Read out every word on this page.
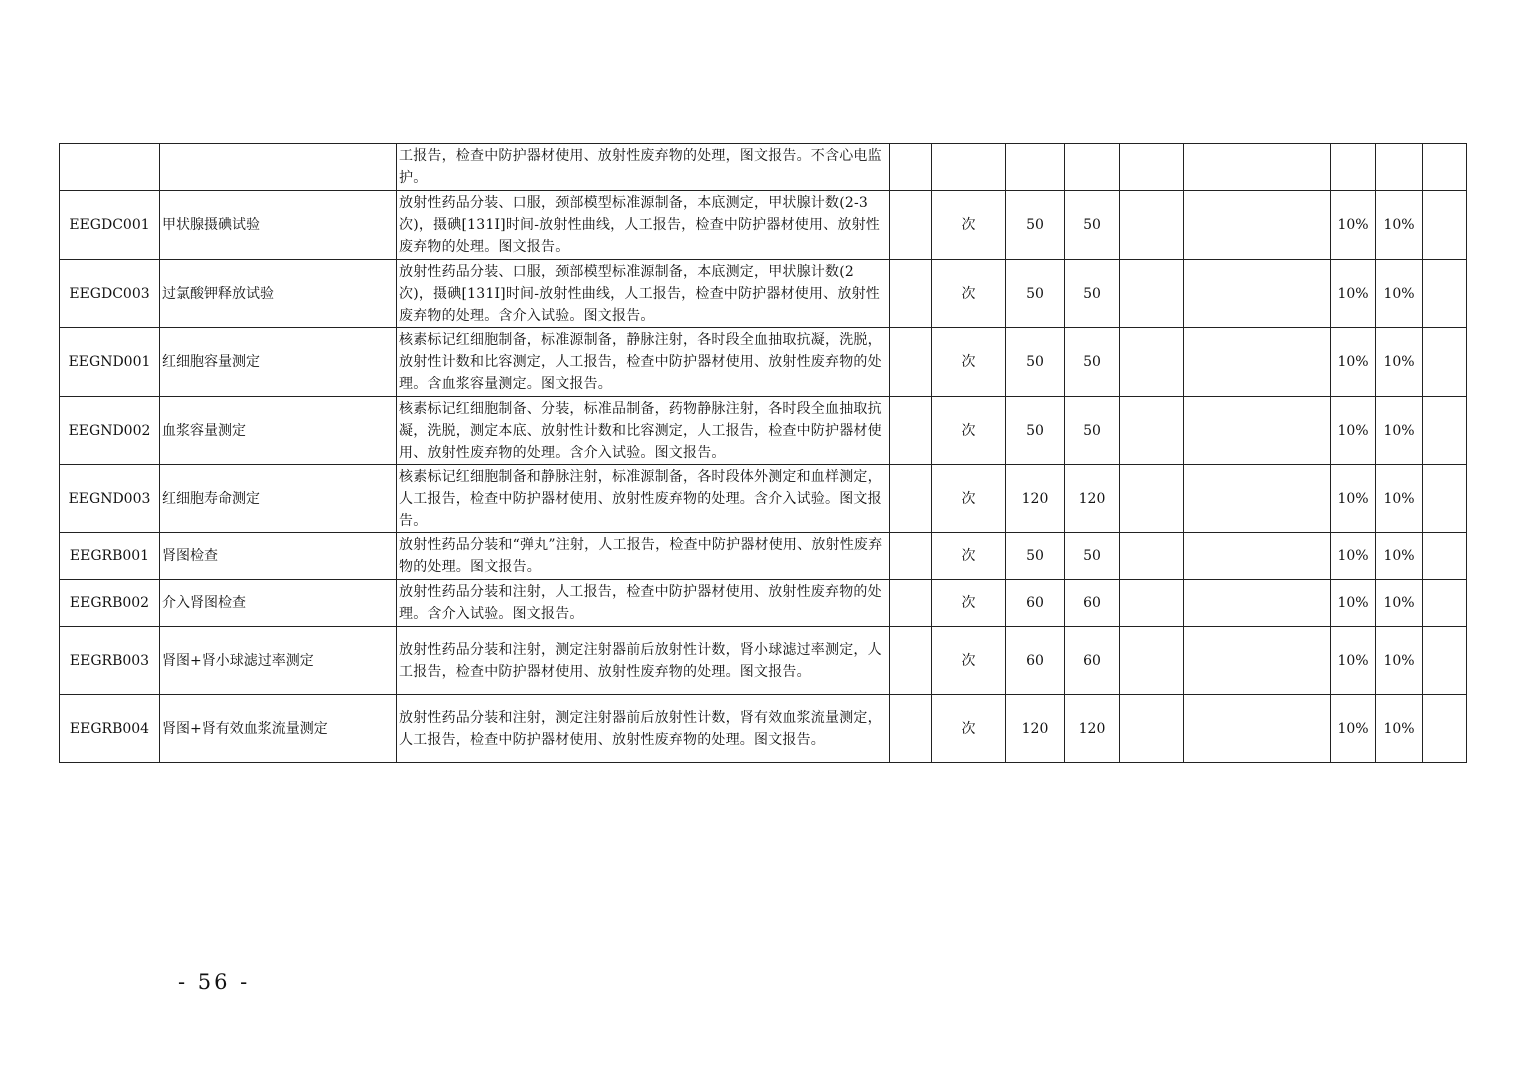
		工报告，检查中防护器材使用、放射性废弃物的处理，图文报告。不含心电监护。									
EEGDC001	甲状腺摄碘试验	放射性药品分装、口服，颈部模型标准源制备，本底测定，甲状腺计数(2-3 次)，摄碘[131I]时间-放射性曲线，人工报告，检查中防护器材使用、放射性废弃物的处理。图文报告。		次	50	50			10%	10%	
EEGDC003	过氯酸钾释放试验	放射性药品分装、口服，颈部模型标准源制备，本底测定，甲状腺计数(2 次)，摄碘[131I]时间-放射性曲线，人工报告，检查中防护器材使用、放射性废弃物的处理。含介入试验。图文报告。		次	50	50			10%	10%	
EEGND001	红细胞容量测定	核素标记红细胞制备，标准源制备，静脉注射，各时段全血抽取抗凝，洗脱，放射性计数和比容测定，人工报告，检查中防护器材使用、放射性废弃物的处理。含血浆容量测定。图文报告。		次	50	50			10%	10%	
EEGND002	血浆容量测定	核素标记红细胞制备、分装，标准品制备，药物静脉注射，各时段全血抽取抗凝，洗脱，测定本底、放射性计数和比容测定，人工报告，检查中防护器材使用、放射性废弃物的处理。含介入试验。图文报告。		次	50	50			10%	10%	
EEGND003	红细胞寿命测定	核素标记红细胞制备和静脉注射，标准源制备，各时段体外测定和血样测定，人工报告，检查中防护器材使用、放射性废弃物的处理。含介入试验。图文报告。		次	120	120			10%	10%	
EEGRB001	肾图检查	放射性药品分装和“弹丸”注射，人工报告，检查中防护器材使用、放射性废弃物的处理。图文报告。		次	50	50			10%	10%	
EEGRB002	介入肾图检查	放射性药品分装和注射，人工报告，检查中防护器材使用、放射性废弃物的处理。含介入试验。图文报告。		次	60	60			10%	10%	
EEGRB003	肾图+肾小球滤过率测定	放射性药品分装和注射，测定注射器前后放射性计数，肾小球滤过率测定，人工报告，检查中防护器材使用、放射性废弃物的处理。图文报告。		次	60	60			10%	10%	
EEGRB004	肾图+肾有效血浆流量测定	放射性药品分装和注射，测定注射器前后放射性计数，肾有效血浆流量测定，人工报告，检查中防护器材使用、放射性废弃物的处理。图文报告。		次	120	120			10%	10%	
- 56 -
